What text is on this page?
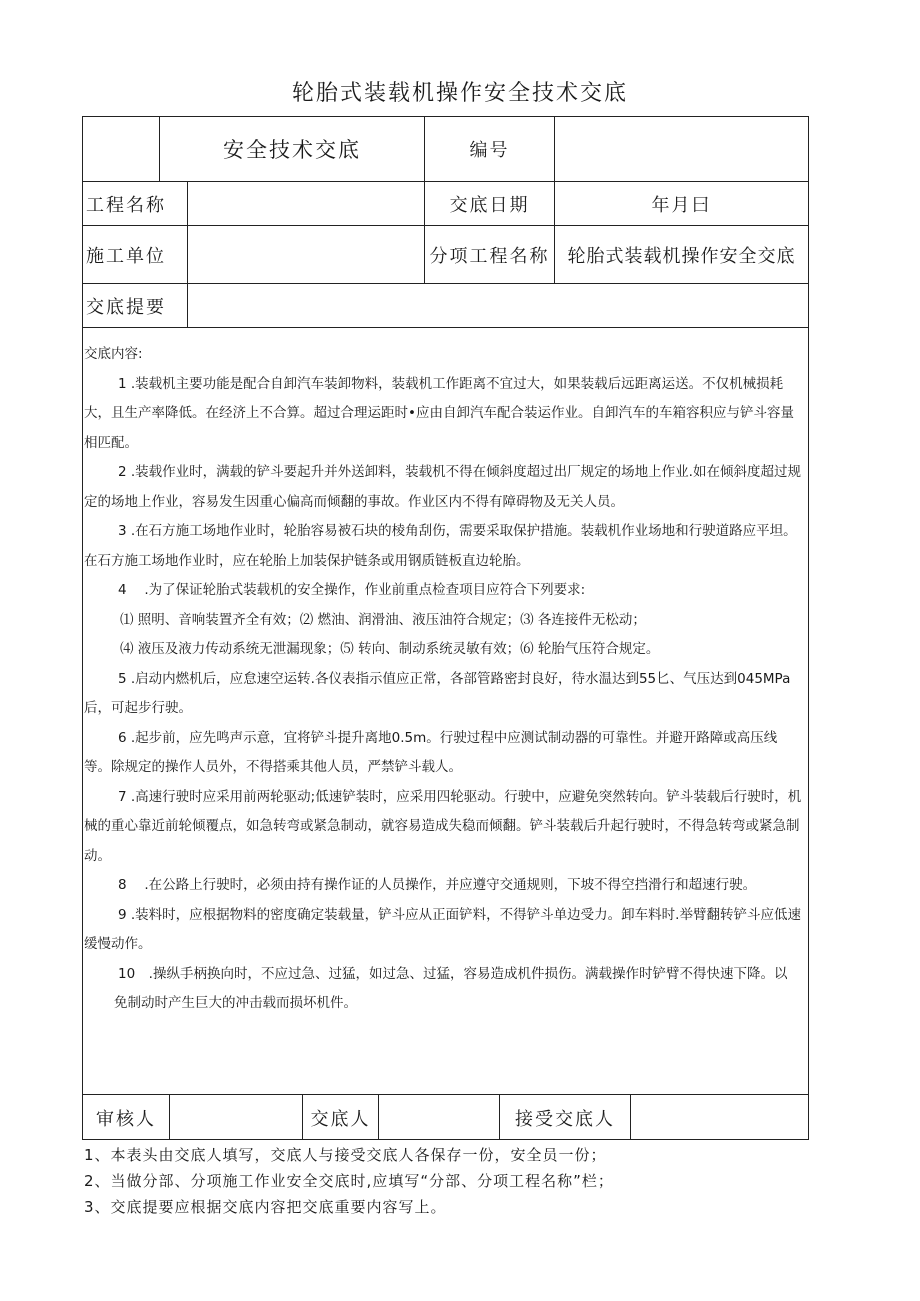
轮胎式装载机操作安全技术交底
安全技术交底	编号
工程名称	交底日期	年月曰
施工单位	分项工程名称	轮胎式装载机操作安全交底
交底提要

交底内容:

1 .装载机主要功能是配合自卸汽车装卸物料，装载机工作距离不宜过大，如果装载后远距离运送。不仅机械损耗大，且生产率降低。在经济上不合算。超过合理运距时•应由自卸汽车配合装运作业。自卸汽车的车箱容积应与铲斗容量相匹配。

2 .装载作业时，满载的铲斗要起升并外送卸料，装载机不得在倾斜度超过出厂规定的场地上作业.如在倾斜度超过规定的场地上作业，容易发生因重心偏高而倾翻的事故。作业区内不得有障碍物及无关人员。

3 .在石方施工场地作业时，轮胎容易被石块的棱角刮伤，需要采取保护措施。装载机作业场地和行驶道路应平坦。在石方施工场地作业时，应在轮胎上加装保护链条或用钢质链板直边轮胎。

4　 .为了保证轮胎式装载机的安全操作，作业前重点检查项目应符合下列要求:

⑴ 照明、音响装置齐全有效；⑵ 燃油、润滑油、液压油符合规定；⑶ 各连接件无松动；

⑷ 液压及液力传动系统无泄漏现象；⑸ 转向、制动系统灵敏有效；⑹ 轮胎气压符合规定。

5 .启动内燃机后，应怠速空运转.各仪表指示值应正常，各部管路密封良好，待水温达到55匕、气压达到045MPa后，可起步行驶。

6 .起步前，应先鸣声示意，宜将铲斗提升离地0.5m。行驶过程中应测试制动器的可靠性。并避开路障或高压线等。除规定的操作人员外，不得搭乘其他人员，严禁铲斗载人。

7 .高速行驶时应采用前两轮驱动;低速铲装时，应采用四轮驱动。行驶中，应避免突然转向。铲斗装载后行驶时，机械的重心靠近前轮倾覆点，如急转弯或紧急制动，就容易造成失稳而倾翻。铲斗装载后升起行驶时，不得急转弯或紧急制动。

8　 .在公路上行驶时，必须由持有操作证的人员操作，并应遵守交通规则，下坡不得空挡滑行和超速行驶。

9 .装料时，应根据物料的密度确定装载量，铲斗应从正面铲料，不得铲斗单边受力。卸车料时.举臂翻转铲斗应低速缓慢动作。

10　.操纵手柄换向时，不应过急、过猛，如过急、过猛，容易造成机件损伤。满载操作时铲臂不得快速下降。以

免制动时产生巨大的冲击载而损坏机件。

审核人	交底人	接受交底人
1、本表头由交底人填写，交底人与接受交底人各保存一份，安全员一份；
2、当做分部、分项施工作业安全交底时,应填写“分部、分项工程名称”栏；
3、交底提要应根据交底内容把交底重要内容写上。
